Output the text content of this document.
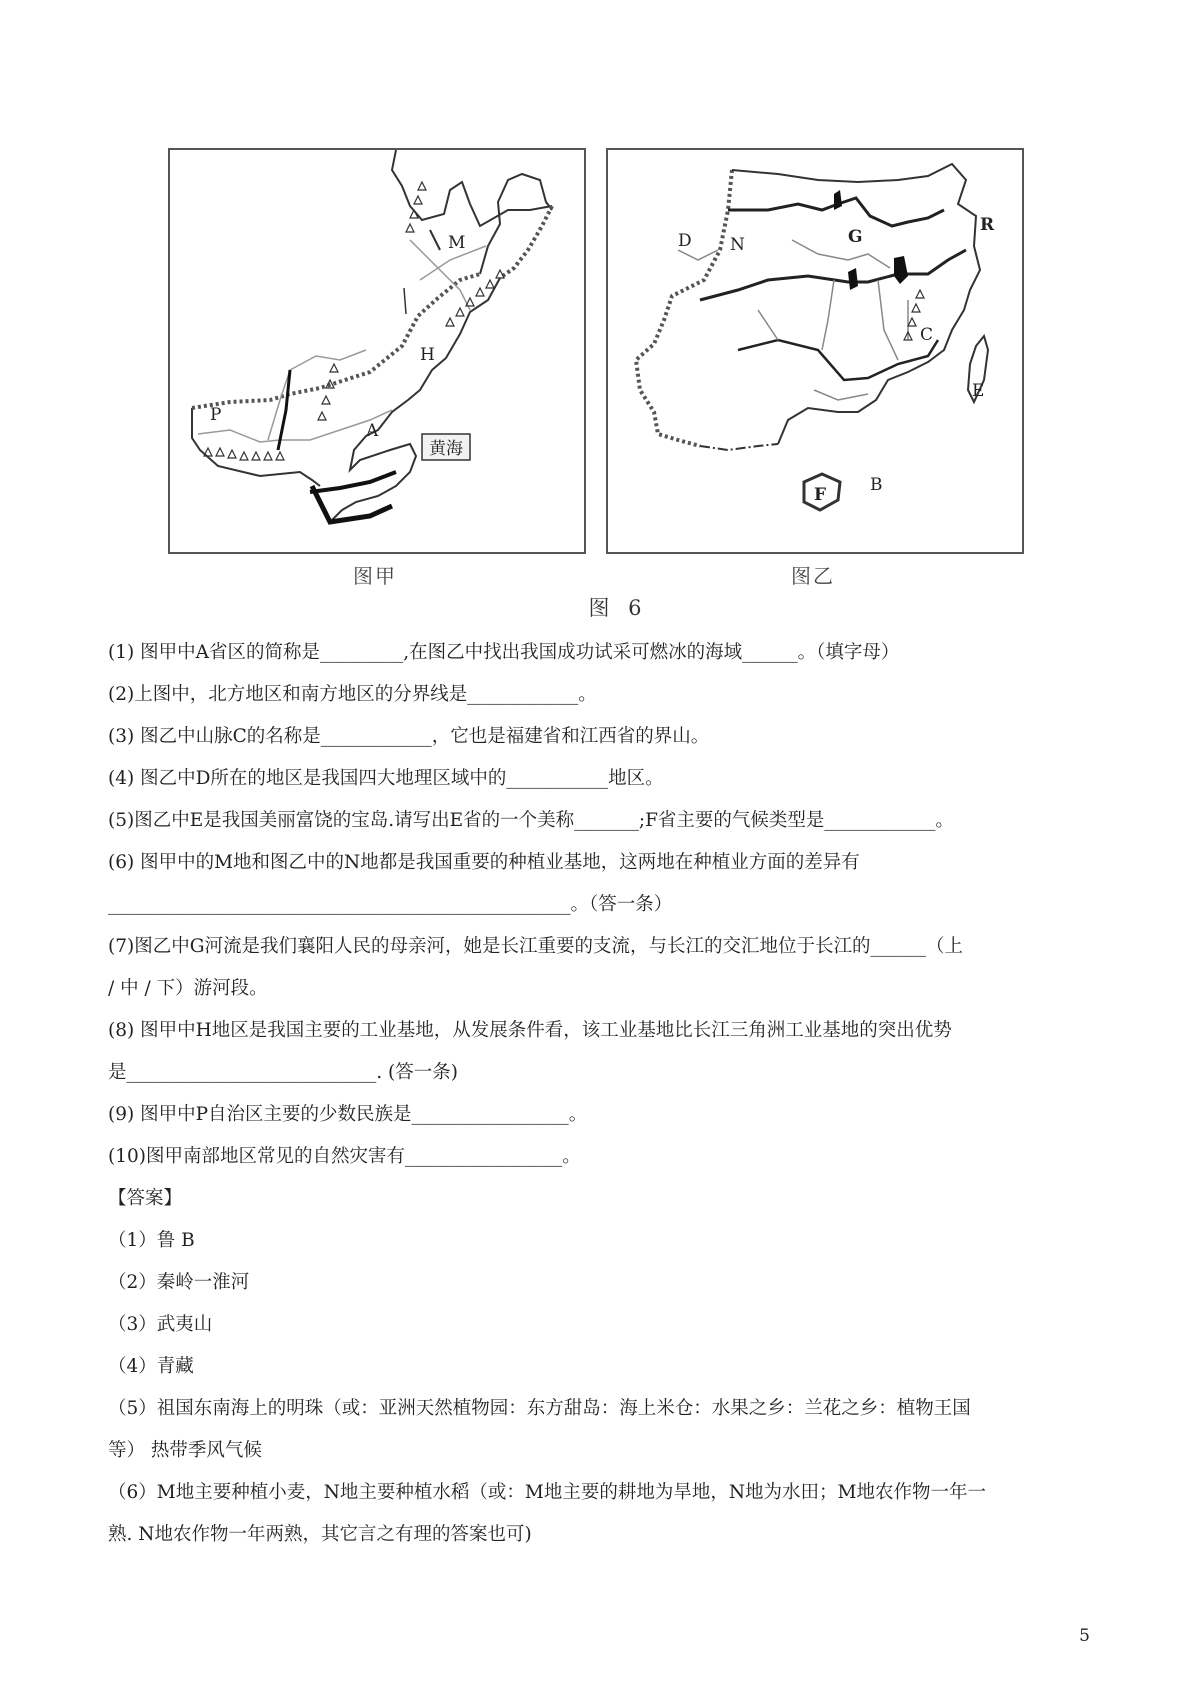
黄海
M
H
A
P
N
D	G
R
C
E
F	B
图甲	图乙
图 6
(1) 图甲中A省区的简称是_________,在图乙中找出我国成功试采可燃冰的海域______。（填字母）
(2)上图中，北方地区和南方地区的分界线是____________。
(3) 图乙中山脉C的名称是____________，它也是福建省和江西省的界山。
(4) 图乙中D所在的地区是我国四大地理区域中的___________地区。
(5)图乙中E是我国美丽富饶的宝岛.请写出E省的一个美称_______;F省主要的气候类型是____________。
(6) 图甲中的M地和图乙中的N地都是我国重要的种植业基地，这两地在种植业方面的差异有
__________________________________________________。（答一条）
(7)图乙中G河流是我们襄阳人民的母亲河，她是长江重要的支流，与长江的交汇地位于长江的______（上
/ 中 / 下）游河段。
(8) 图甲中H地区是我国主要的工业基地，从发展条件看，该工业基地比长江三角洲工业基地的突出优势
是___________________________. (答一条)
(9) 图甲中P自治区主要的少数民族是_________________。
(10)图甲南部地区常见的自然灾害有_________________。
【答案】
（1）鲁 B
（2）秦岭一淮河
（3）武夷山
（4）青藏
（5）祖国东南海上的明珠（或：亚洲天然植物园：东方甜岛：海上米仓：水果之乡：兰花之乡：植物王国
等） 热带季风气候
（6）M地主要种植小麦，N地主要种植水稻（或：M地主要的耕地为旱地，N地为水田；M地农作物一年一
熟. N地农作物一年两熟，其它言之有理的答案也可)
5
